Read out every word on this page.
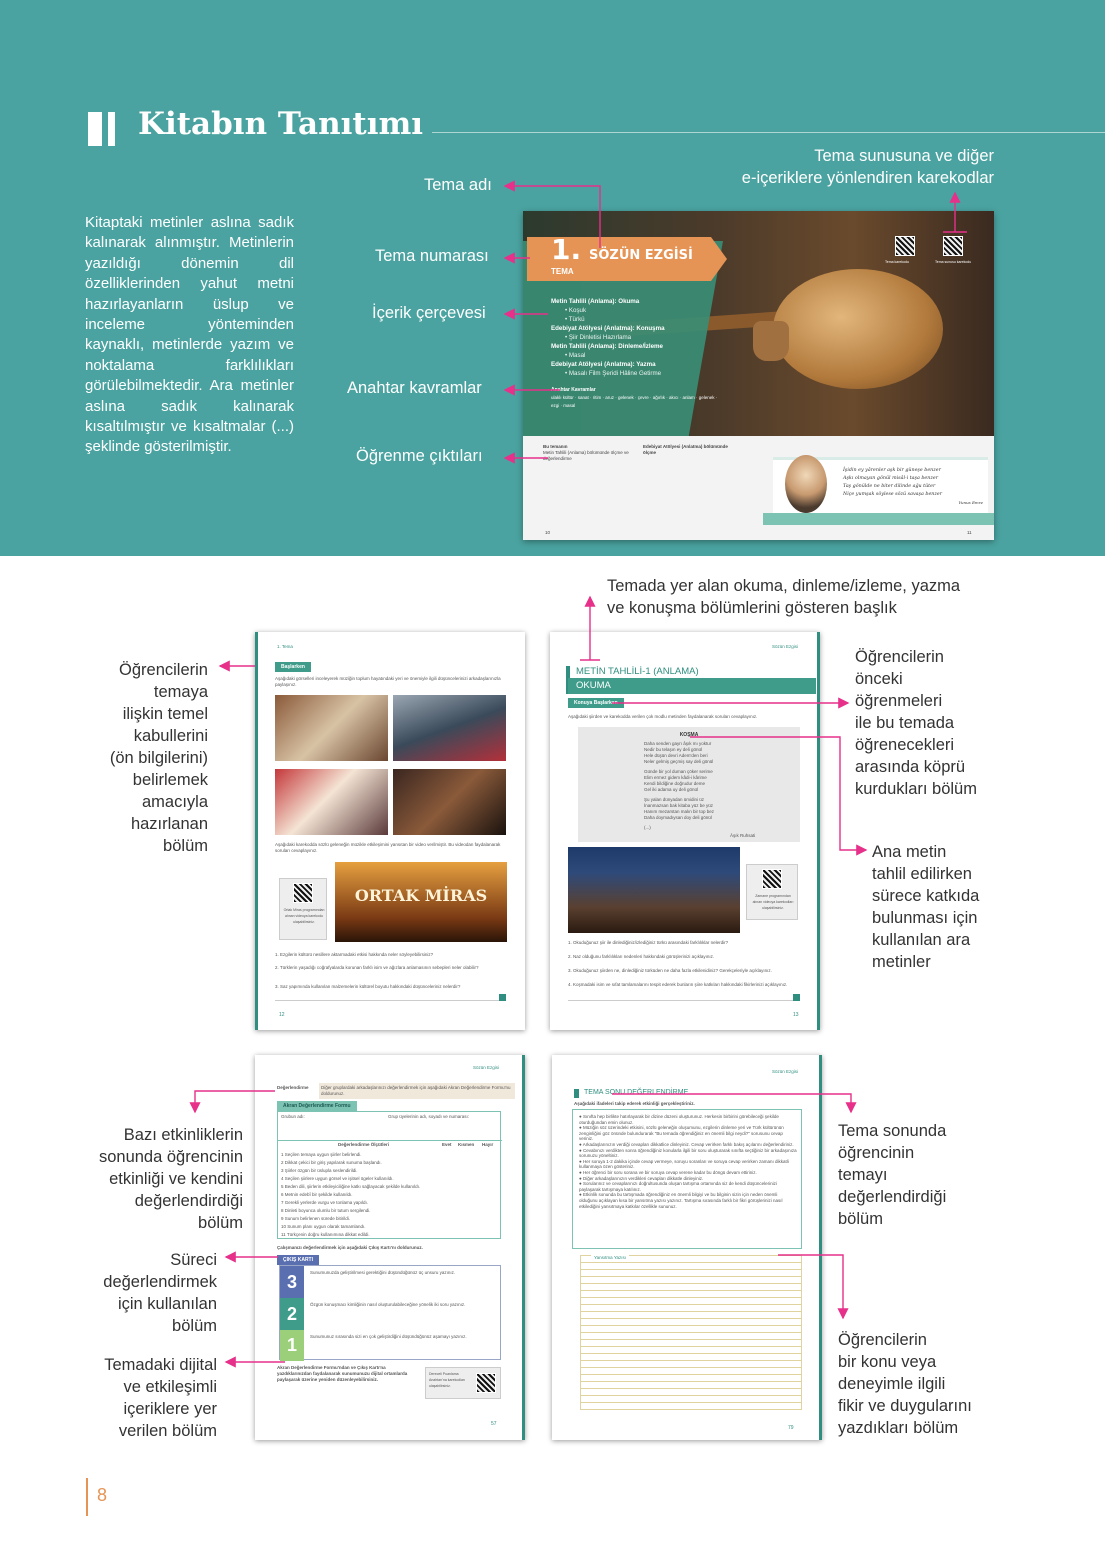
Kitabın Tanıtımı

Kitaptaki metinler aslına sadık kalınarak alınmıştır. Metinlerin yazıldığı dönemin dil özelliklerinden yahut metni hazırlayanların üslup ve inceleme yönteminden kaynaklı, metinlerde yazım ve noktalama farklılıkları görülebilmektedir. Ara metinler aslına sadık kalınarak kısaltılmıştır ve kısaltmalar (...) şeklinde gösterilmiştir.

Tema sunusuna ve diğer
e-içeriklere yönlendiren karekodlar
Tema adı
Tema numarası
İçerik çerçevesi
Anahtar kavramlar
Öğrenme çıktıları
1.
TEMA
SÖZÜN EZGİSİ
Metin Tahlili (Anlama): Okuma
• Koşuk
• Türkü
Edebiyat Atölyesi (Anlatma): Konuşma
• Şiir Dinletisi Hazırlama
Metin Tahlili (Anlama): Dinleme/İzleme
• Masal
Edebiyat Atölyesi (Anlatma): Yazma
• Masalı Film Şeridi Hâline Getirme
Anahtar Kavramlar
ulaklı kültür · sanat · ritim · aruz · gelenek · çevre · ağırlık · akıcı · anlam · gelenek · ezgi · masal
Tema karekodu	Tema sunusu karekodu
Bu temanın
Metin Tahlili (Anlama) bölümünde ölçme ve değerlendirme
Edebiyat Atölyesi (Anlatma) bölümünde ölçme
10	11
İşidin ey yârenler aşk bir güneşe benzer
Aşkı olmayan gönül misâl-i taşa benzer
Taş gönülde ne biter dilinde ağu tüter
Niçe yumşak söylese sözü savaşa benzer
Yunus Emre
Öğrencilerin
temaya
ilişkin temel
kabullerini
(ön bilgilerini)
belirlemek
amacıyla
hazırlanan
bölüm
Temada yer alan okuma, dinleme/izleme, yazma
ve konuşma bölümlerini gösteren başlık
Öğrencilerin
önceki
öğrenmeleri
ile bu temada
öğrenecekleri
arasında köprü
kurdukları bölüm
Ana metin
tahlil edilirken
sürece katkıda
bulunması için
kullanılan ara
metinler
1. Tema
Başlarken
Aşağıdaki görselleri inceleyerek müziğin toplum hayatındaki yeri ve önemiyle ilgili düşüncelerinizi arkadaşlarınızla paylaşınız.
Aşağıdaki karekodda sözlü geleneğin müzikle etkileşimini yansıtan bir video verilmiştir. Bu videodan faydalanarak soruları cevaplayınız.
Ortak Miras programından alınan videoya karekodu ulaşabilirsiniz.
ORTAK MİRAS
1. Ezgilerin kültürü nesillere aktarmadaki etkisi hakkında neler söyleyebilirsiniz?
2. Türklerin yaşadığı coğrafyalarda korunan farklı isim ve ağızlara anlamasının sebepleri neler olabilir?
3. Saz yapımında kullanılan malzemelerin kültürel boyutu hakkındaki düşünceleriniz nelerdir?
12
Sözün Ezgisi
METİN TAHLİLİ-1 (ANLAMA)
OKUMA
Konuya Başlarken
Aşağıdaki şiirden ve karekodda verilen çok modlu metinden faydalanarak soruları cevaplayınız.
KOŞMA
Daha senden gayrı âşık mı yoktur
Nedir bu telaşın ey deli gönül
Hele düşün devri Adem'den beri
Neler gelmiş geçmiş say deli gönül
Günde bir yol duman çöker serime
Elim ermez gidem kâdi-i kârime
Kendi bildiğine doğrudur deme
Gel iki adama uy deli gönül
Şu yalan dünyadan ümidini üz
İnanmazsan bak kitaba yüz be yüz
Hanım mezarstan malın bir top bez
Daha doymadıysan doy deli gönül
(...)
Âşık Ruhsati
Zamane programından alınan videoya karekodları ulaşabilirsiniz.
1. Okuduğunuz şiir ile dinlediğiniz/izlediğiniz türkü arasındaki farklılıklar nelerdir?
2. Naz olduğunu farklılıkları nedenleri hakkındaki görüşlerinizi açıklayınız.
3. Okuduğunuz şiirden ne, dinlediğiniz türküden ne daha fazla etkilenidiniz? Gerekçeleriyle açıklayınız.
4. Koşmadaki isim ve sıfat tamlamalarını tespit ederek bunların şiire katkıları hakkındaki fikirlerinizi açıklayınız.
13
Bazı etkinliklerin
sonunda öğrencinin
etkinliği ve kendini
değerlendirdiği
bölüm
Süreci
değerlendirmek
için kullanılan
bölüm
Temadaki dijital
ve etkileşimli
içeriklere yer
verilen bölüm
Tema sonunda
öğrencinin
temayı
değerlendirdiği
bölüm
Öğrencilerin
bir konu veya
deneyimle ilgili
fikir ve duygularını
yazdıkları bölüm
Sözün Ezgisi
Değerlendirme	Diğer gruplardaki arkadaşlarınızı değerlendirmek için aşağıdaki Akran Değerlendirme Formu'nu doldurunuz.
Akran Değerlendirme Formu
Grubun adı:	Grup üyelerinin adı, soyadı ve numarası:
Değerlendirme Ölçütleri	Evet Kısmen Hayır
1 Seçilen temaya uygun şiirler belirlendi.
2 Dikkat çekici bir giriş yapılarak sunuma başlandı.
3 Şiirler özgün bir üslupla seslendirildi.
4 Seçilen şiirlere uygun görsel ve işitsel ögeler kullanıldı.
5 Beden dili, şiirlerin etkileyiciliğine katkı sağlayacak şekilde kullanıldı.
6 Metnin edebî bir şekilde kullanıldı.
7 Gerekli yerlerde vurgu ve tonlama yapıldı.
8 Dinleti boyunca olumlu bir tutum sergilendi.
9 Sunum belirlenen sürede bitirildi.
10 Sunum planı uygun olarak tamamlandı.
11 Türkçenin doğru kullanımına dikkat edildi.
Çalışmanızı değerlendirmek için aşağıdaki Çıkış Kartı'nı doldurunuz.
ÇIKIŞ KARTI
3	Sunumunuzda geliştirilmesi gerektiğini düşündüğünüz üç unsuru yazınız.
2	Özgün konuşmacı kimliğinin nasıl oluşturulabileceğine yönelik iki soru yazınız.
1	Sunumunuz sırasında sizi en çok geliştirdiğini düşündüğünüz aşamayı yazınız.
Akran Değerlendirme Formu'ndan ve Çıkış Kartı'na yazdıklarınızdan faydalanarak sunumunuzu dijital ortamlarda paylaşarak üzerine yeniden düzenleyebilirsiniz.
Dereceli Puanlama Anahtarı'na karekodları ulaşabilirsiniz.
57
Sözün Ezgisi
TEMA SONU DEĞERLENDİRME
Aşağıdaki ifadeleri takip ederek etkinliği gerçekleştiriniz.
● Sınıfta hep birlikte hatırlayarak bir dizine düzeni oluşturunuz. Herkesin birbirini görebileceği şekilde oturduğundan emin olunuz.
● Müziğin söz üzerindeki etkisini, sözlü geleneğin oluşumunu, ezgilerin dinleme yeri ve Türk kültürünün zenginliğini göz önünde bulundurarak "Bu temada öğrendiğiniz en önemli bilgi neydi?" sorusunu cevap veriniz.
● Arkadaşlarınızın verdiği cevapları dikkatlice dinleyiniz. Cevap verirken farklı bakış açılarını değerlendiriniz.
● Cevabınızı verdikten sonra öğrendiğiniz konularla ilgili bir soru oluşturarak sınıfta seçtiğiniz bir arkadaşınıza sorunuzu yöneltiniz.
● Her soruya 1-2 dakika içinde cevap vermeye, soruyu soranları ve soruya cevap verirken zamanı dikkatli kullanmaya özen gösteriniz.
● Her öğrenci bir soru sorana ve bir soruya cevap verene kadar bu döngü devam ettiriniz.
● Diğer arkadaşlarınızın verdikleri cevapları dikkatle dinleyiniz.
● Sorularınız ve cevaplarınızı doğrultusunda oluşan tartışma ortamında siz de kendi düşüncelerinizi paylaşarak tartışmaya katılınız.
● Etkinlik sonunda bu tartışmada öğrendiğiniz en önemli bilgiyi ve bu bilginin sizin için neden önemli olduğunu açıklayan kısa bir yansıtma yazısı yazınız. Tartışma sırasında farklı bir fikri görüşlerinizi nasıl etkilediğini yansıtmaya katkılar özellikle sununuz.
Yansıtma Yazısı
79
8
